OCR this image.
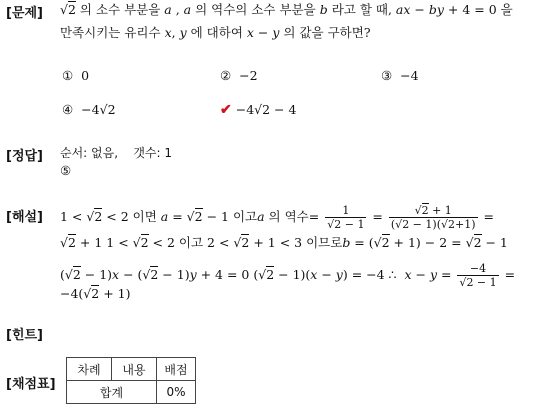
[문제]
[정답]
[해설]
[힌트]
[채점표]
√2 의 소수 부분을 a , a 의 역수의 소수 부분을 b 라고 할 때, ax − by + 4 = 0 을
만족시키는 유리수 x, y 에 대하여 x − y 의 값을 구하면?
① 0	② −2	③ −4
④ −4√2	✔ −4√2 − 4
순서: 없음, 갯수: 1
⑤
1 < √2 < 2 이면 a = √2 − 1 이고a 의 역수= $\frac{1}{√2 - 1} = \frac{√2 + 1}{(√2 - 1)(√2+1)}$ =
√2 + 1 1 < √2 < 2 이고 2 < √2 + 1 < 3 이므로b = (√2 + 1) − 2 = √2 − 1
(√2 − 1)x − (√2 − 1)y + 4 = 0 (√2 − 1)(x − y) = −4 ∴  $x - y = \frac{-4}{√2 - 1}$ =
−4(√2 + 1)
차례	내용	배점
합계		0%
